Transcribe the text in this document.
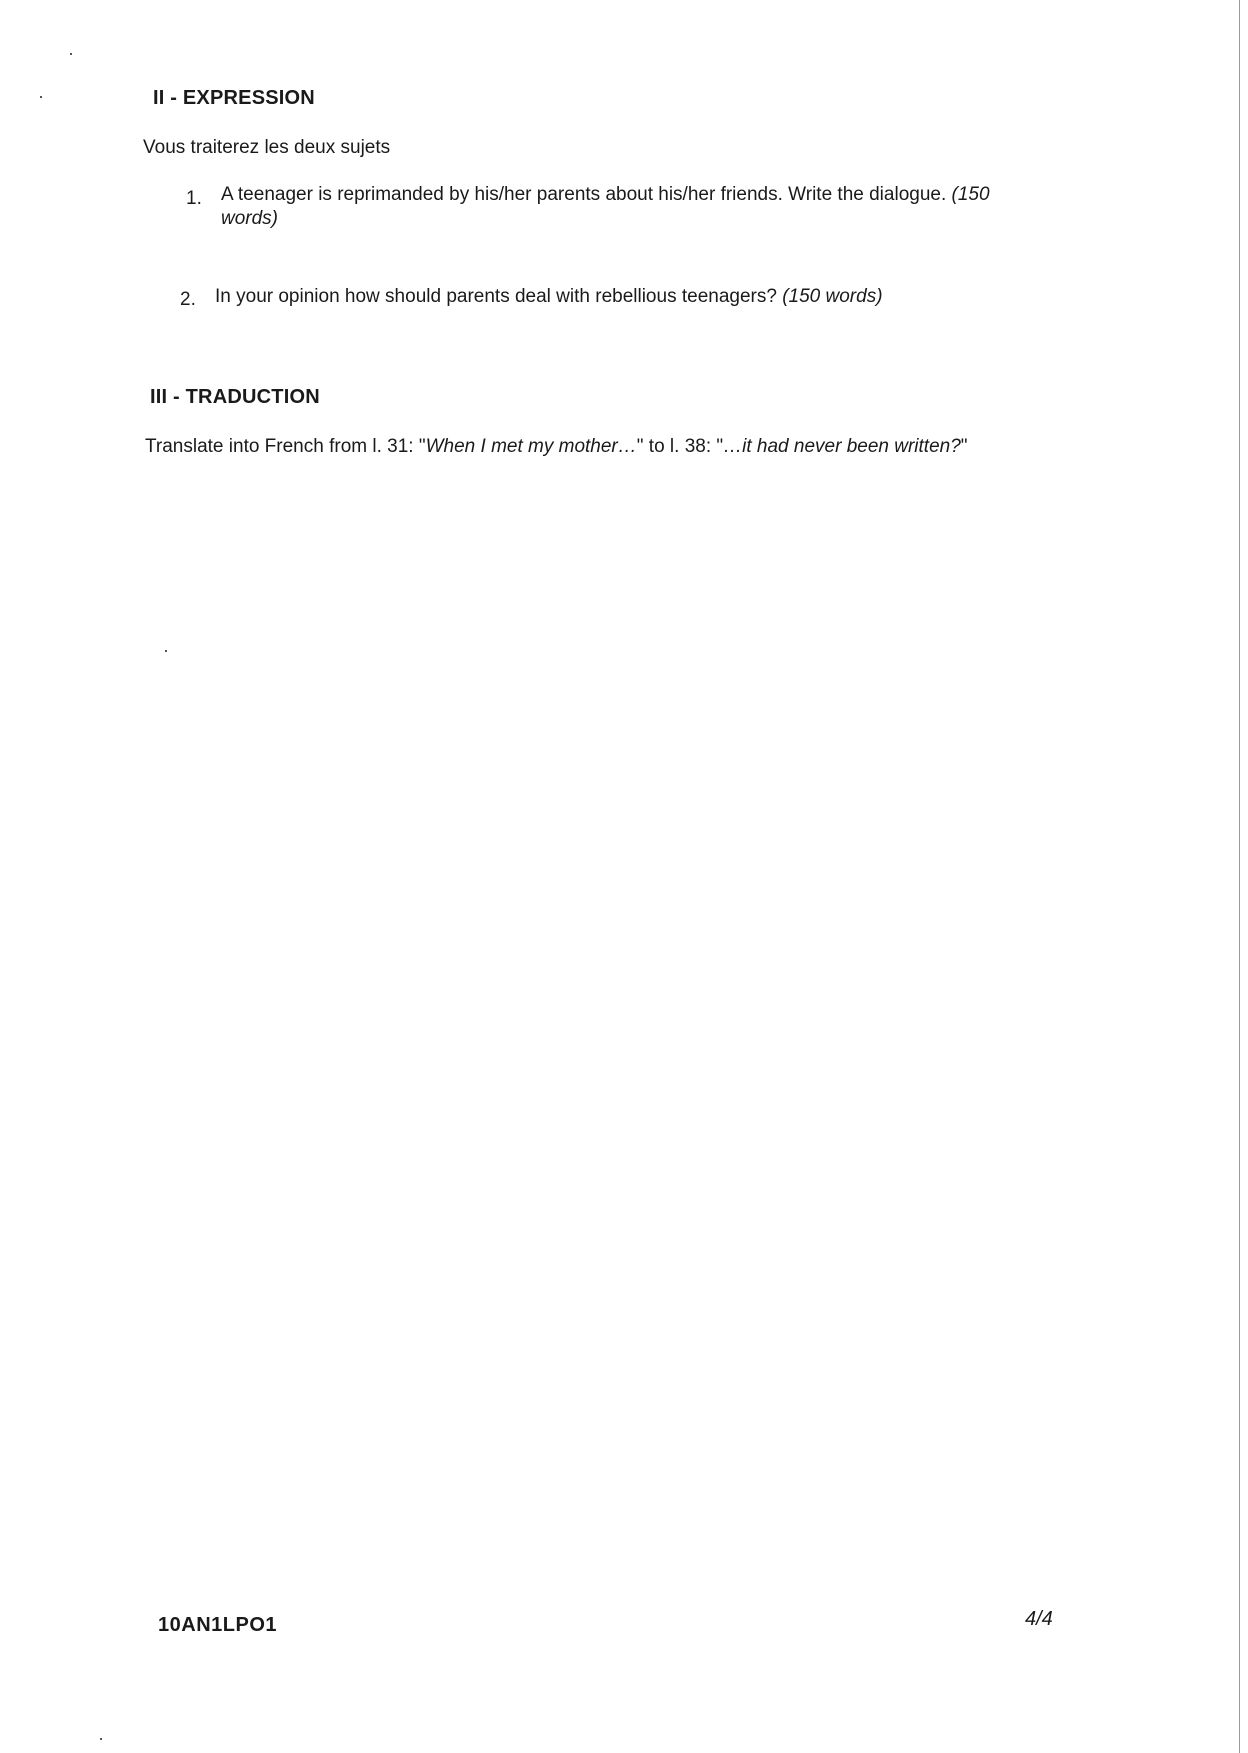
II - EXPRESSION
Vous traiterez les deux sujets
1. A teenager is reprimanded by his/her parents about his/her friends. Write the dialogue. (150 words)
2. In your opinion how should parents deal with rebellious teenagers? (150 words)
III - TRADUCTION
Translate into French from l. 31: "When I met my mother…" to l. 38: "…it had never been written?"
10AN1LPO1	4/4
